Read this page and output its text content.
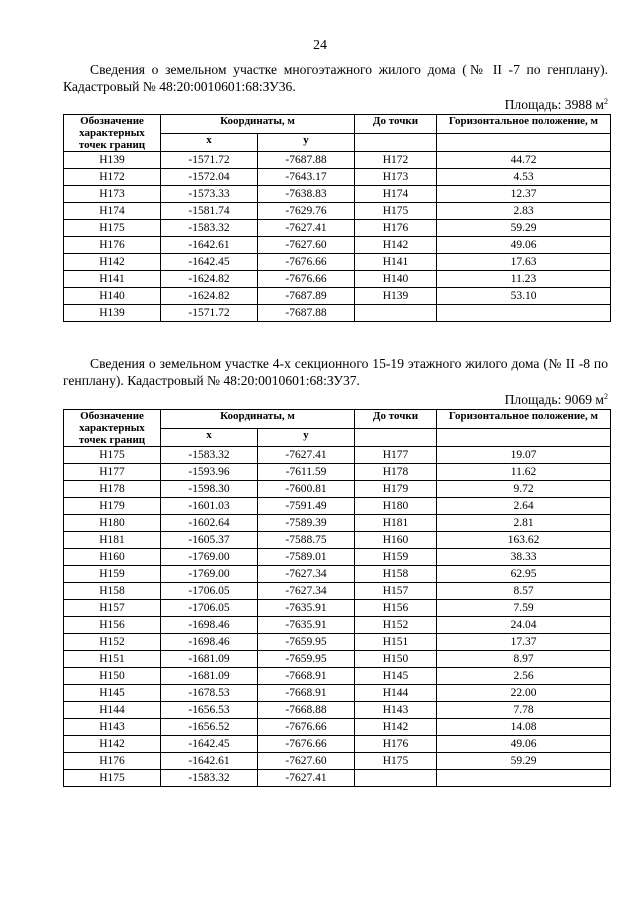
24
Сведения о земельном участке многоэтажного жилого дома (№ II -7 по генплану). Кадастровый № 48:20:0010601:68:ЗУ36.
Площадь: 3988 $м^2$
Обозначение характерных точек границ	Координаты, м		До точки	Горизонтальное положение, м
	x	y		
Н139	-1571.72	-7687.88	Н172	44.72
Н172	-1572.04	-7643.17	Н173	4.53
Н173	-1573.33	-7638.83	Н174	12.37
Н174	-1581.74	-7629.76	Н175	2.83
Н175	-1583.32	-7627.41	Н176	59.29
Н176	-1642.61	-7627.60	Н142	49.06
Н142	-1642.45	-7676.66	Н141	17.63
Н141	-1624.82	-7676.66	Н140	11.23
Н140	-1624.82	-7687.89	Н139	53.10
Н139	-1571.72	-7687.88		
Сведения о земельном участке 4-х секционного 15-19 этажного жилого дома (№ II -8 по генплану). Кадастровый № 48:20:0010601:68:ЗУ37.
Площадь: 9069 $м^2$
Обозначение характерных точек границ	Координаты, м		До точки	Горизонтальное положение, м
	x	y		
Н175	-1583.32	-7627.41	Н177	19.07
Н177	-1593.96	-7611.59	Н178	11.62
Н178	-1598.30	-7600.81	Н179	9.72
Н179	-1601.03	-7591.49	Н180	2.64
Н180	-1602.64	-7589.39	Н181	2.81
Н181	-1605.37	-7588.75	Н160	163.62
Н160	-1769.00	-7589.01	Н159	38.33
Н159	-1769.00	-7627.34	Н158	62.95
Н158	-1706.05	-7627.34	Н157	8.57
Н157	-1706.05	-7635.91	Н156	7.59
Н156	-1698.46	-7635.91	Н152	24.04
Н152	-1698.46	-7659.95	Н151	17.37
Н151	-1681.09	-7659.95	Н150	8.97
Н150	-1681.09	-7668.91	Н145	2.56
Н145	-1678.53	-7668.91	Н144	22.00
Н144	-1656.53	-7668.88	Н143	7.78
Н143	-1656.52	-7676.66	Н142	14.08
Н142	-1642.45	-7676.66	Н176	49.06
Н176	-1642.61	-7627.60	Н175	59.29
Н175	-1583.32	-7627.41		
